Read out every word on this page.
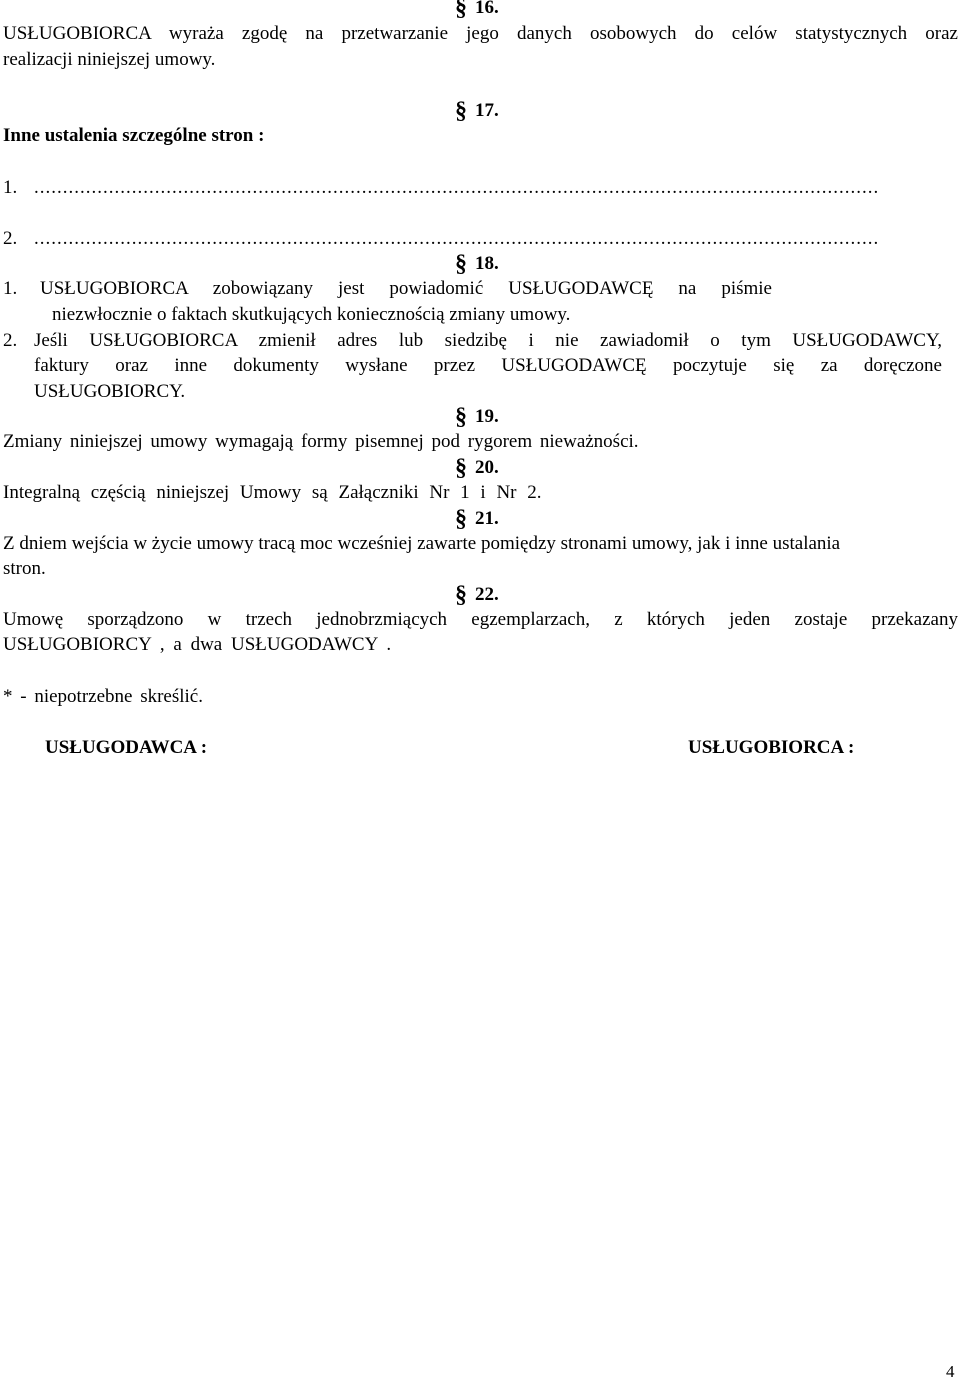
§ 16.
USŁUGOBIORCA wyraża zgodę na przetwarzanie jego danych osobowych do celów statystycznych oraz
realizacji niniejszej umowy.
§ 17.
Inne ustalenia szczególne stron :
1. ...................................................................................................................................................
2. ...................................................................................................................................................
§ 18.
1. USŁUGOBIORCA zobowiązany jest powiadomić USŁUGODAWCĘ na piśmie
niezwłocznie o faktach skutkujących koniecznością zmiany umowy.
2. Jeśli USŁUGOBIORCA zmienił adres lub siedzibę i nie zawiadomił o tym USŁUGODAWCY,
faktury oraz inne dokumenty wysłane przez USŁUGODAWCĘ poczytuje się za doręczone
USŁUGOBIORCY.
§ 19.
Zmiany niniejszej umowy wymagają formy pisemnej pod rygorem nieważności.
§ 20.
Integralną częścią niniejszej Umowy są Załączniki Nr 1 i Nr 2.
§ 21.
Z dniem wejścia w życie umowy tracą moc wcześniej zawarte pomiędzy stronami umowy, jak i inne ustalania
stron.
§ 22.
Umowę sporządzono w trzech jednobrzmiących egzemplarzach, z których jeden zostaje przekazany
USŁUGOBIORCY , a dwa USŁUGODAWCY .
* - niepotrzebne skreślić.
USŁUGODAWCA :	USŁUGOBIORCA :
4
